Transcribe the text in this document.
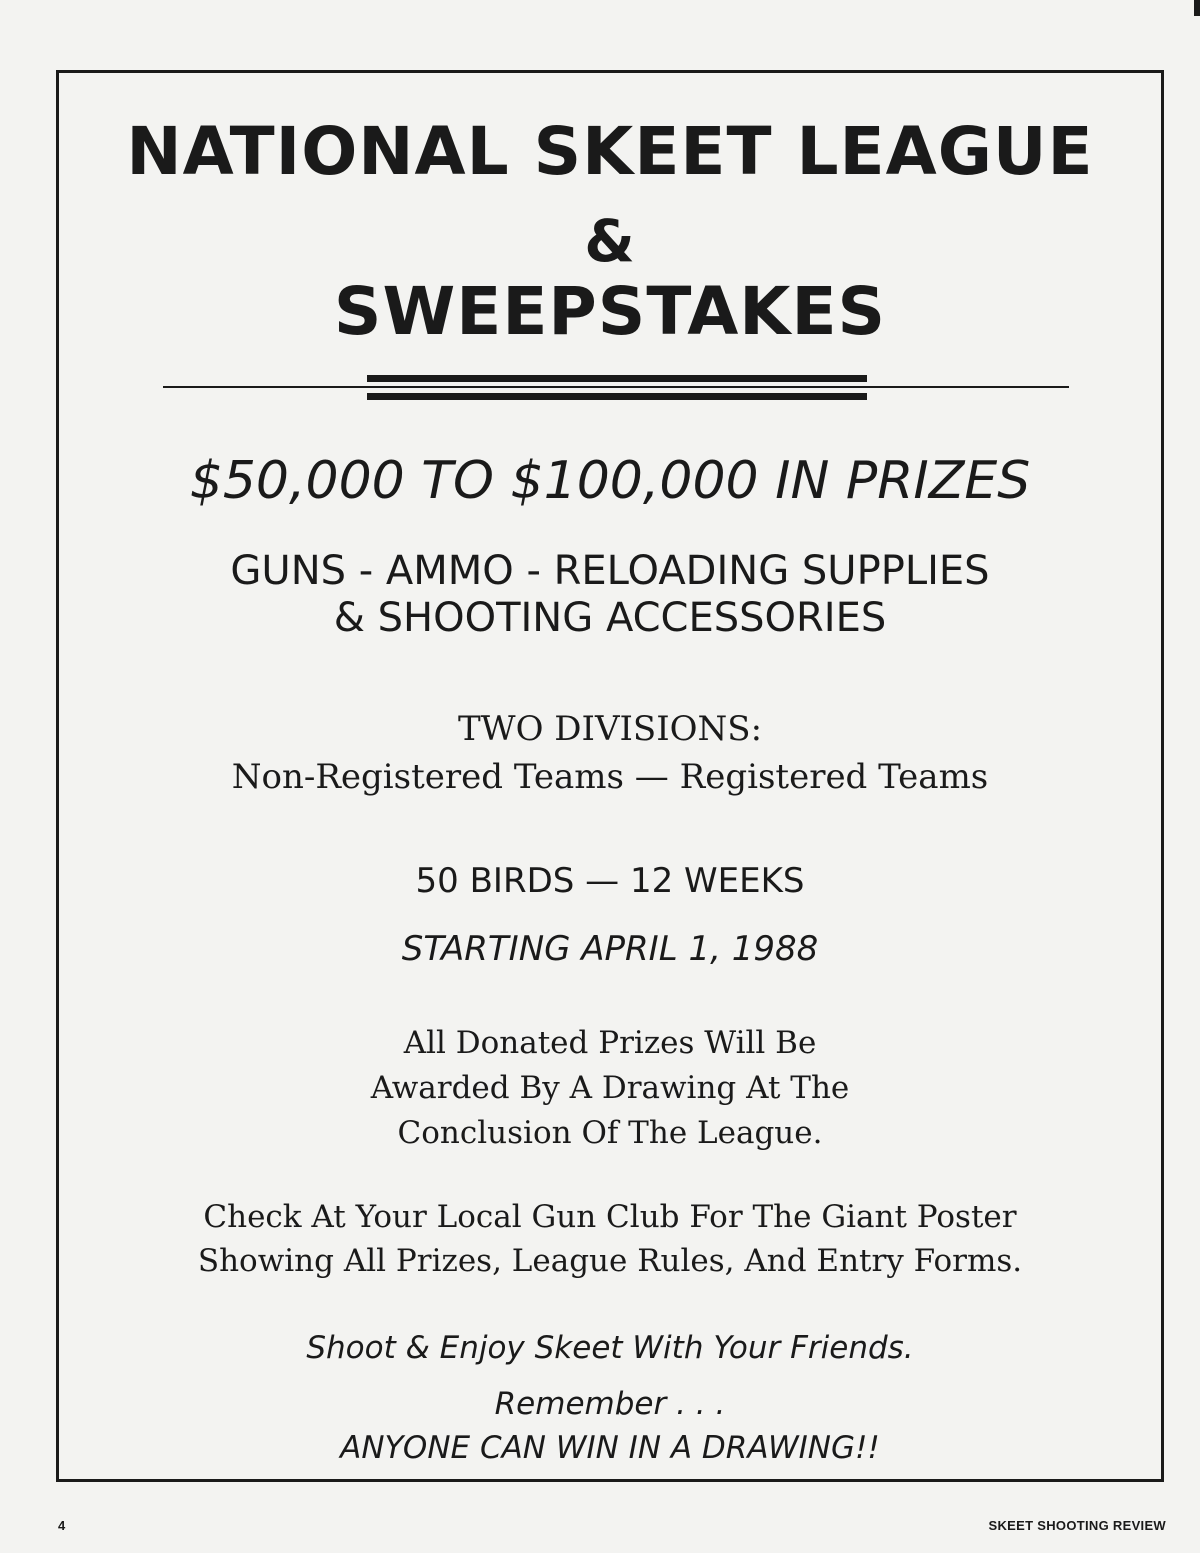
NATIONAL SKEET LEAGUE
&
SWEEPSTAKES
$50,000 TO $100,000 IN PRIZES
GUNS - AMMO - RELOADING SUPPLIES
& SHOOTING ACCESSORIES
TWO DIVISIONS:
Non-Registered Teams — Registered Teams
50 BIRDS — 12 WEEKS
STARTING APRIL 1, 1988
All Donated Prizes Will Be
Awarded By A Drawing At The
Conclusion Of The League.
Check At Your Local Gun Club For The Giant Poster
Showing All Prizes, League Rules, And Entry Forms.
Shoot & Enjoy Skeet With Your Friends.
Remember . . .
ANYONE CAN WIN IN A DRAWING!!
4	SKEET SHOOTING REVIEW
